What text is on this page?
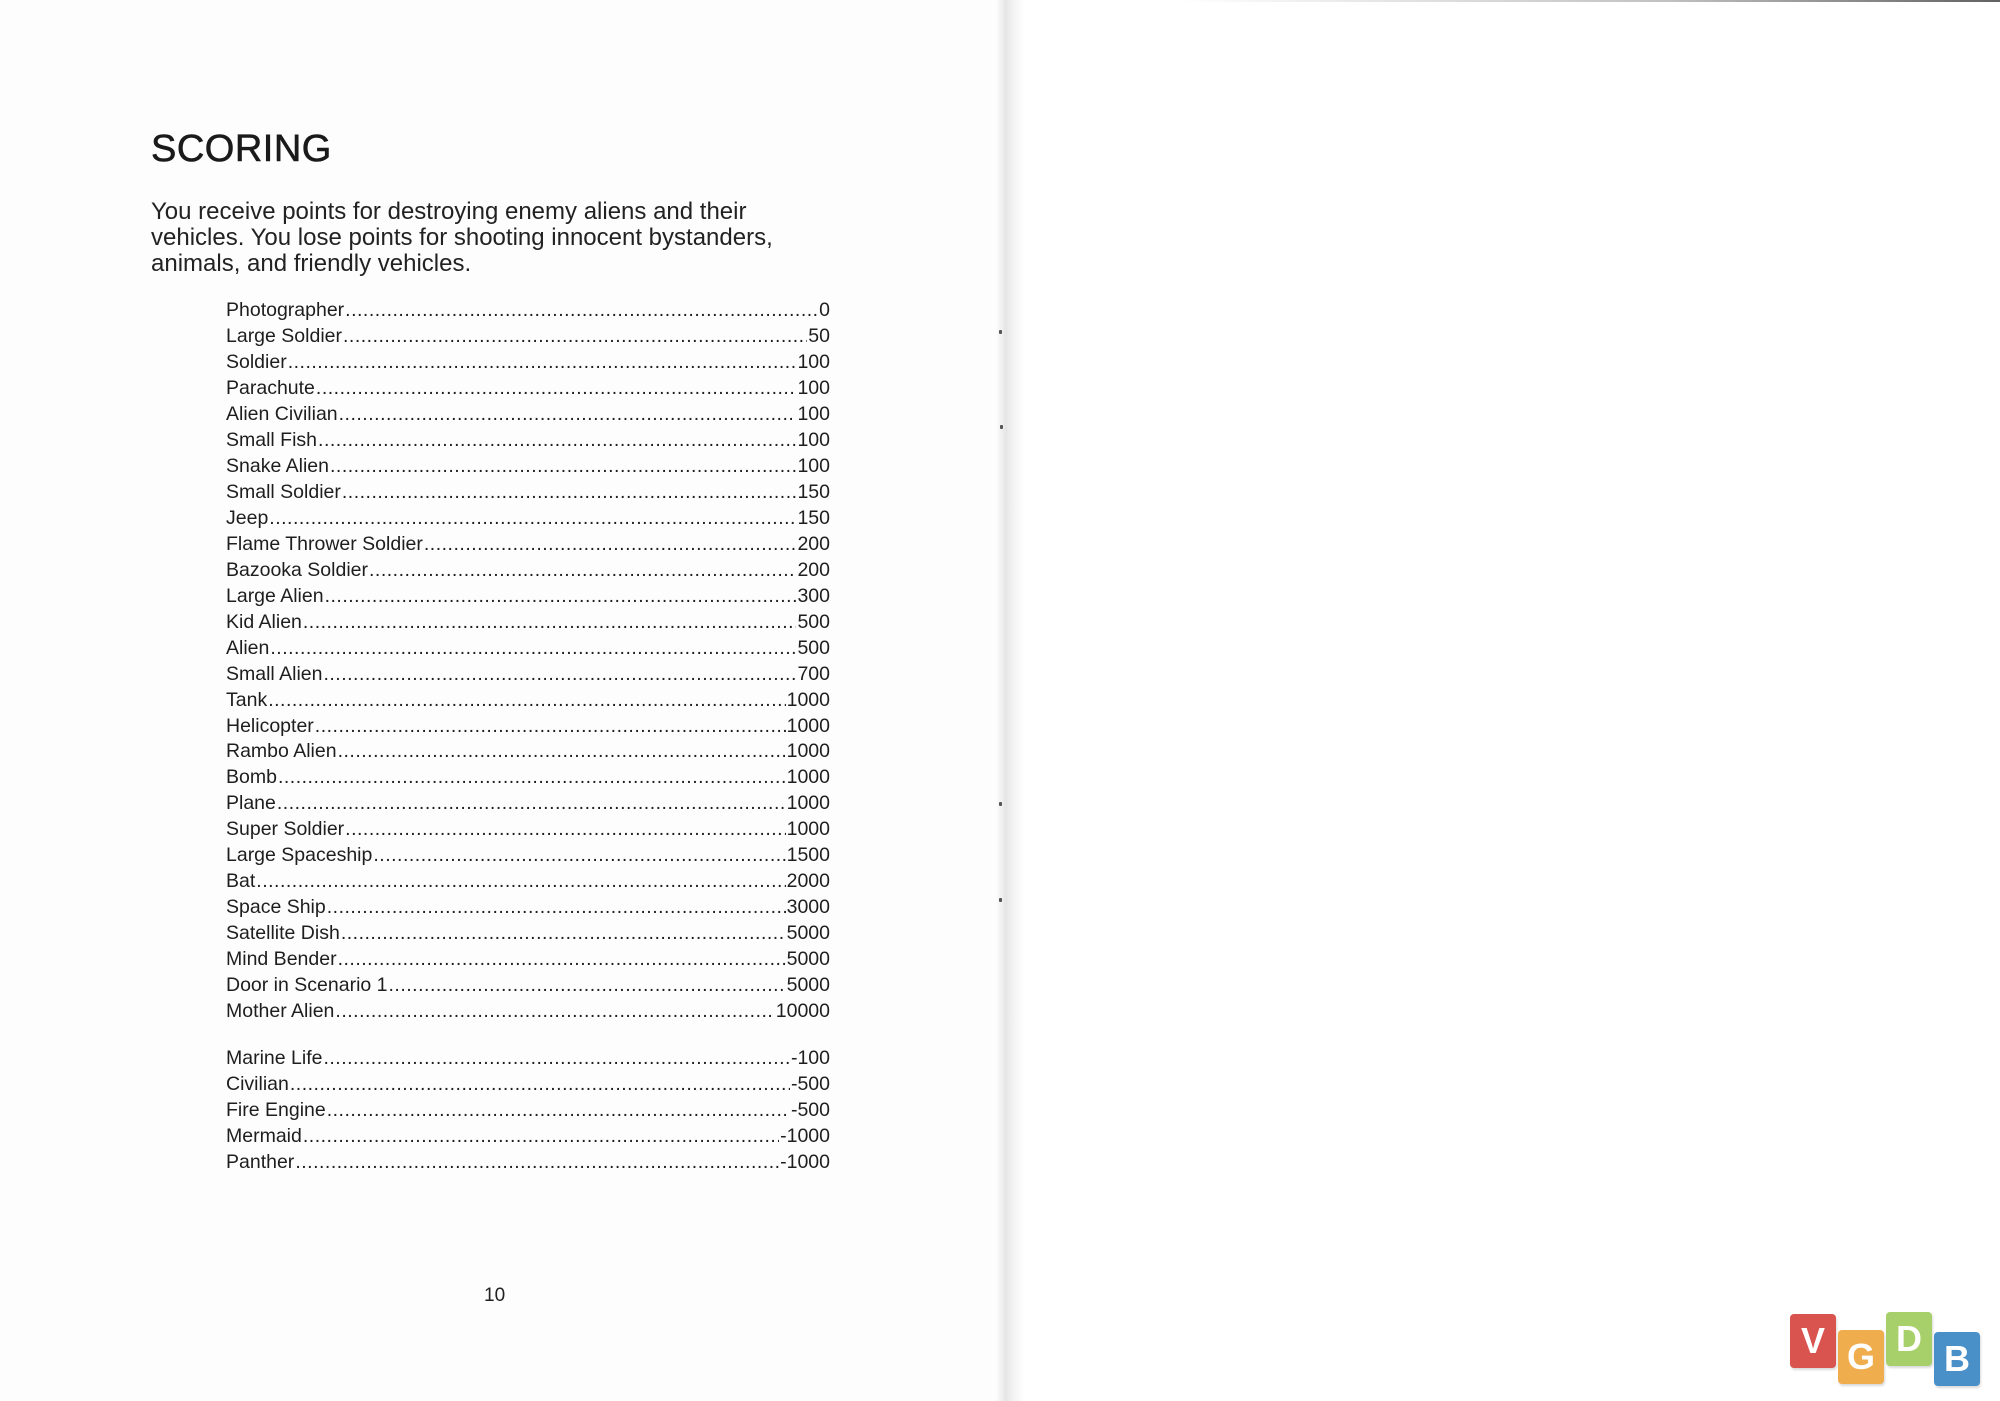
SCORING

You receive points for destroying enemy aliens and their vehicles. You lose points for shooting innocent bystanders, animals, and friendly vehicles.

Photographer .....	0
Large Soldier .....	50
Soldier .....	100
Parachute .....	100
Alien Civilian .....	100
Small Fish .....	100
Snake Alien .....	100
Small Soldier .....	150
Jeep .....	150
Flame Thrower Soldier .....	200
Bazooka Soldier .....	200
Large Alien .....	300
Kid Alien .....	500
Alien .....	500
Small Alien .....	700
Tank .....	1000
Helicopter .....	1000
Rambo Alien .....	1000
Bomb .....	1000
Plane .....	1000
Super Soldier .....	1000
Large Spaceship .....	1500
Bat .....	2000
Space Ship .....	3000
Satellite Dish .....	5000
Mind Bender .....	5000
Door in Scenario 1 .....	5000
Mother Alien .....	10000
Marine Life .....	-100
Civilian .....	-500
Fire Engine .....	-500
Mermaid .....	-1000
Panther .....	-1000

10

V G D B
